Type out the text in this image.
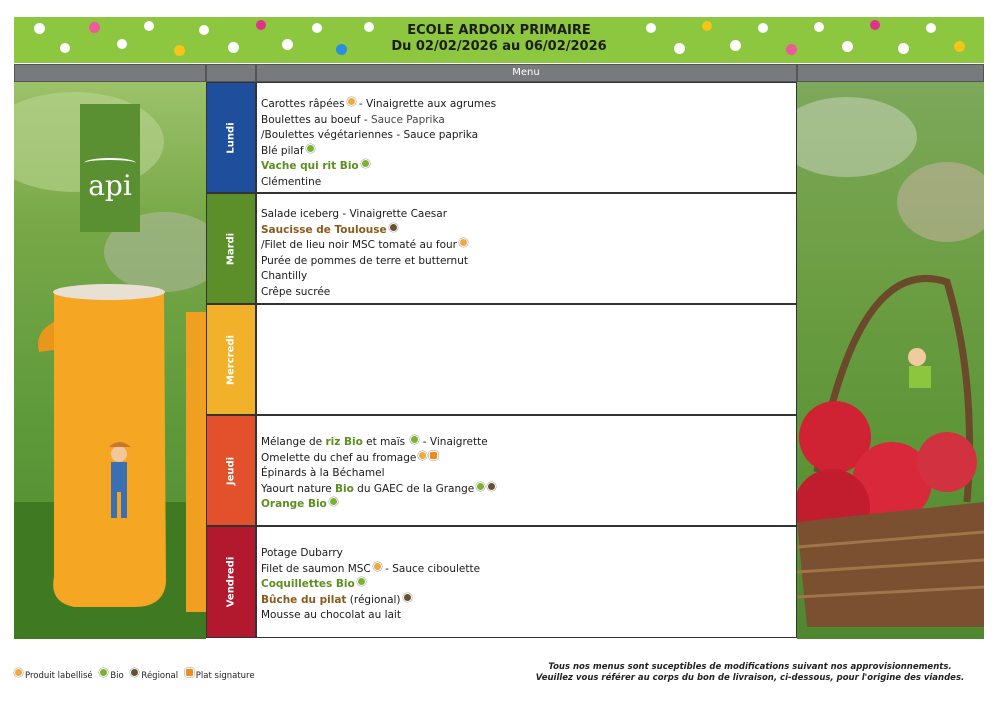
ECOLE ARDOIX PRIMAIRE
Du 02/02/2026 au 06/02/2026
Menu
api
Lundi
Mardi
Mercredi
Jeudi
Vendredi
Carottes râpées - Vinaigrette aux agrumes
Boulettes au boeuf - Sauce Paprika
/Boulettes végétariennes - Sauce paprika
Blé pilaf
Vache qui rit Bio
Clémentine
Salade iceberg - Vinaigrette Caesar
Saucisse de Toulouse
/Filet de lieu noir MSC tomaté au four
Purée de pommes de terre et butternut
Chantilly
Crêpe sucrée
Mélange de riz Bio et maïs  - Vinaigrette
Omelette du chef au fromage
Épinards à la Béchamel
Yaourt nature Bio du GAEC de la Grange
Orange Bio
Potage Dubarry
Filet de saumon MSC - Sauce ciboulette
Coquillettes Bio
Bûche du pilat (régional)
Mousse au chocolat au lait
Produit labellisé Bio Régional Plat signature
Tous nos menus sont suceptibles de modifications suivant nos approvisionnements.
Veuillez vous référer au corps du bon de livraison, ci-dessous, pour l'origine des viandes.
